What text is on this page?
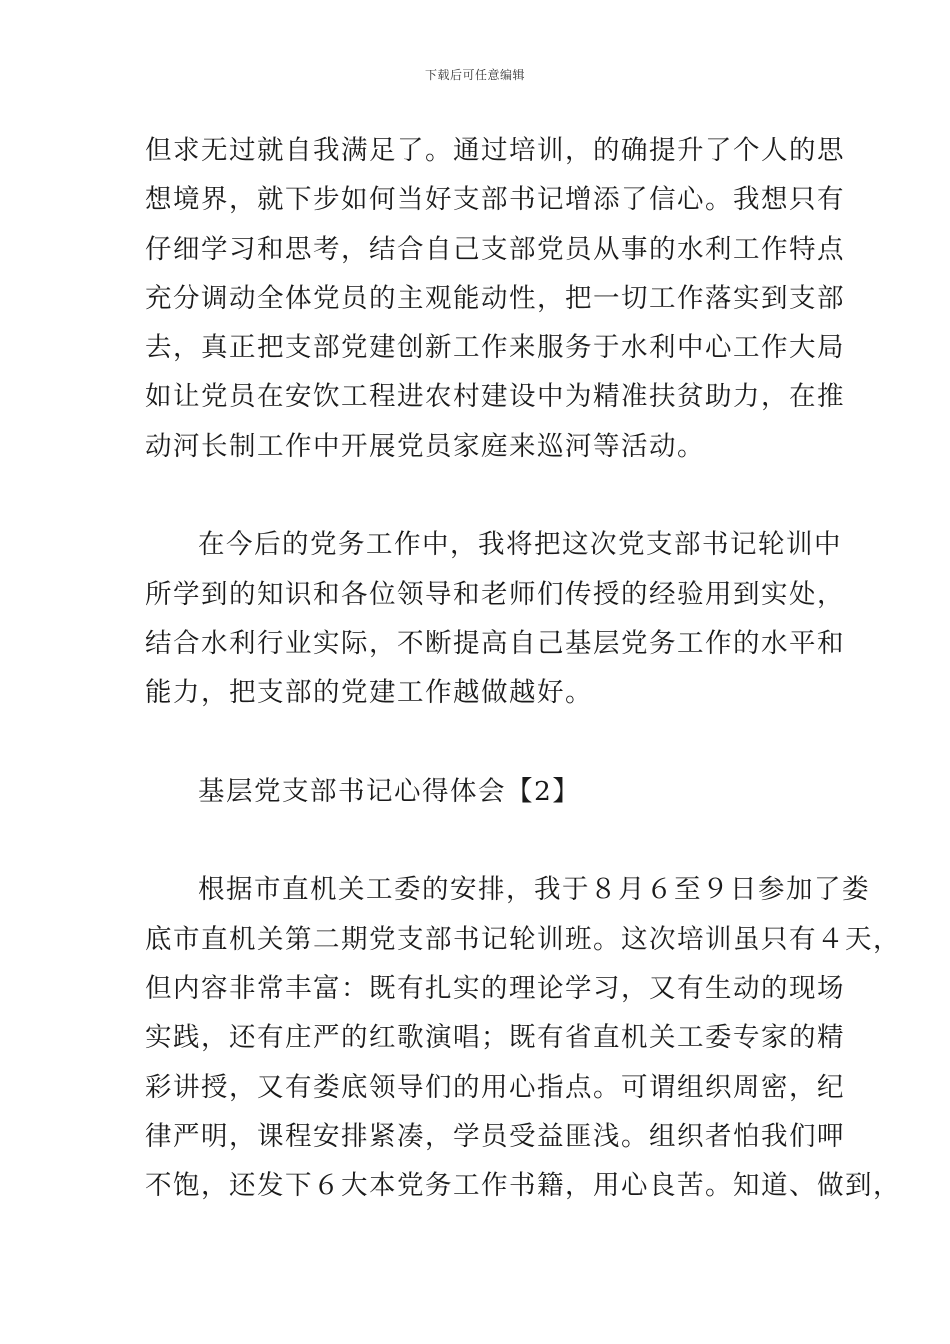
下载后可任意编辑
但求无过就自我满足了。通过培训，的确提升了个人的思
想境界，就下步如何当好支部书记增添了信心。我想只有
仔细学习和思考，结合自己支部党员从事的水利工作特点
充分调动全体党员的主观能动性，把一切工作落实到支部
去，真正把支部党建创新工作来服务于水利中心工作大局
如让党员在安饮工程进农村建设中为精准扶贫助力，在推
动河长制工作中开展党员家庭来巡河等活动。
在今后的党务工作中，我将把这次党支部书记轮训中
所学到的知识和各位领导和老师们传授的经验用到实处，
结合水利行业实际，不断提高自己基层党务工作的水平和
能力，把支部的党建工作越做越好。
基层党支部书记心得体会【2】
根据市直机关工委的安排，我于８月６至９日参加了娄
底市直机关第二期党支部书记轮训班。这次培训虽只有４天，
但内容非常丰富：既有扎实的理论学习，又有生动的现场
实践，还有庄严的红歌演唱；既有省直机关工委专家的精
彩讲授，又有娄底领导们的用心指点。可谓组织周密，纪
律严明，课程安排紧凑，学员受益匪浅。组织者怕我们呷
不饱，还发下６大本党务工作书籍，用心良苦。知道、做到，
